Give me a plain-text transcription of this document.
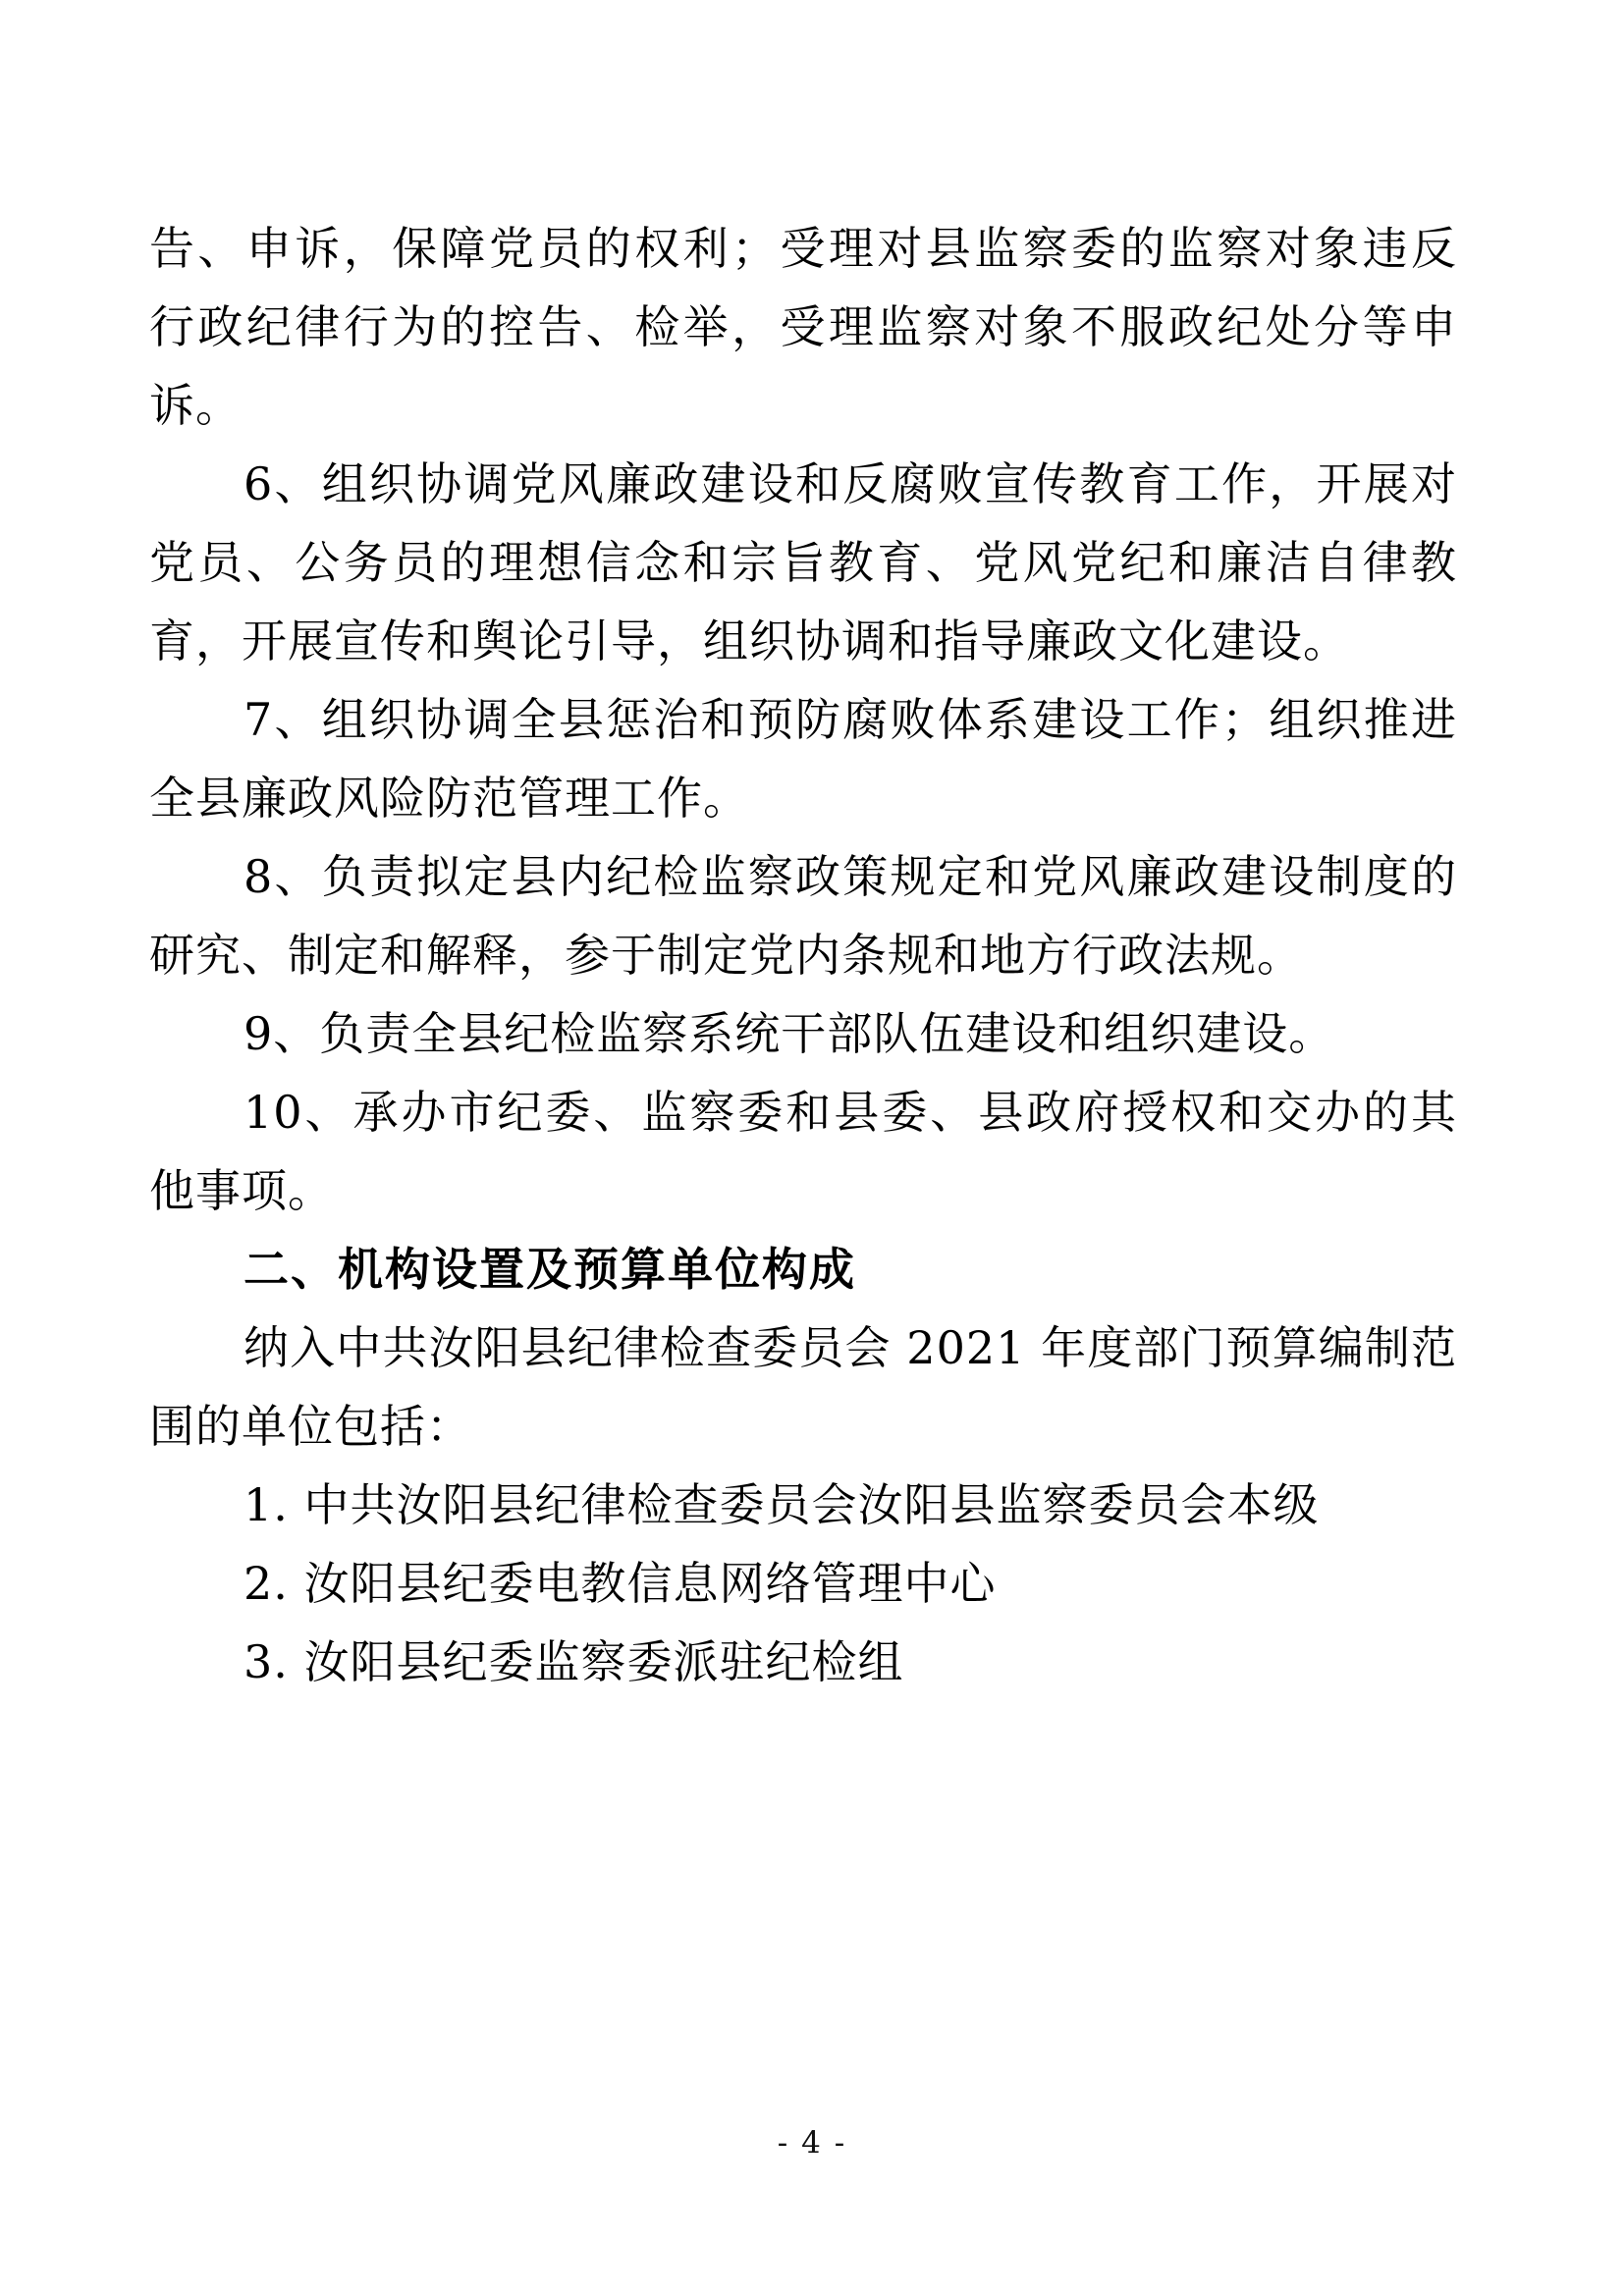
告、申诉，保障党员的权利；受理对县监察委的监察对象违反
行政纪律行为的控告、检举，受理监察对象不服政纪处分等申
诉。
6、组织协调党风廉政建设和反腐败宣传教育工作，开展对
党员、公务员的理想信念和宗旨教育、党风党纪和廉洁自律教
育，开展宣传和舆论引导，组织协调和指导廉政文化建设。
7、组织协调全县惩治和预防腐败体系建设工作；组织推进
全县廉政风险防范管理工作。
8、负责拟定县内纪检监察政策规定和党风廉政建设制度的
研究、制定和解释，参于制定党内条规和地方行政法规。
9、负责全县纪检监察系统干部队伍建设和组织建设。
10、承办市纪委、监察委和县委、县政府授权和交办的其
他事项。
二、机构设置及预算单位构成
纳入中共汝阳县纪律检查委员会 2021 年度部门预算编制范
围的单位包括：
1. 中共汝阳县纪律检查委员会汝阳县监察委员会本级
2. 汝阳县纪委电教信息网络管理中心
3. 汝阳县纪委监察委派驻纪检组
- 4 -
